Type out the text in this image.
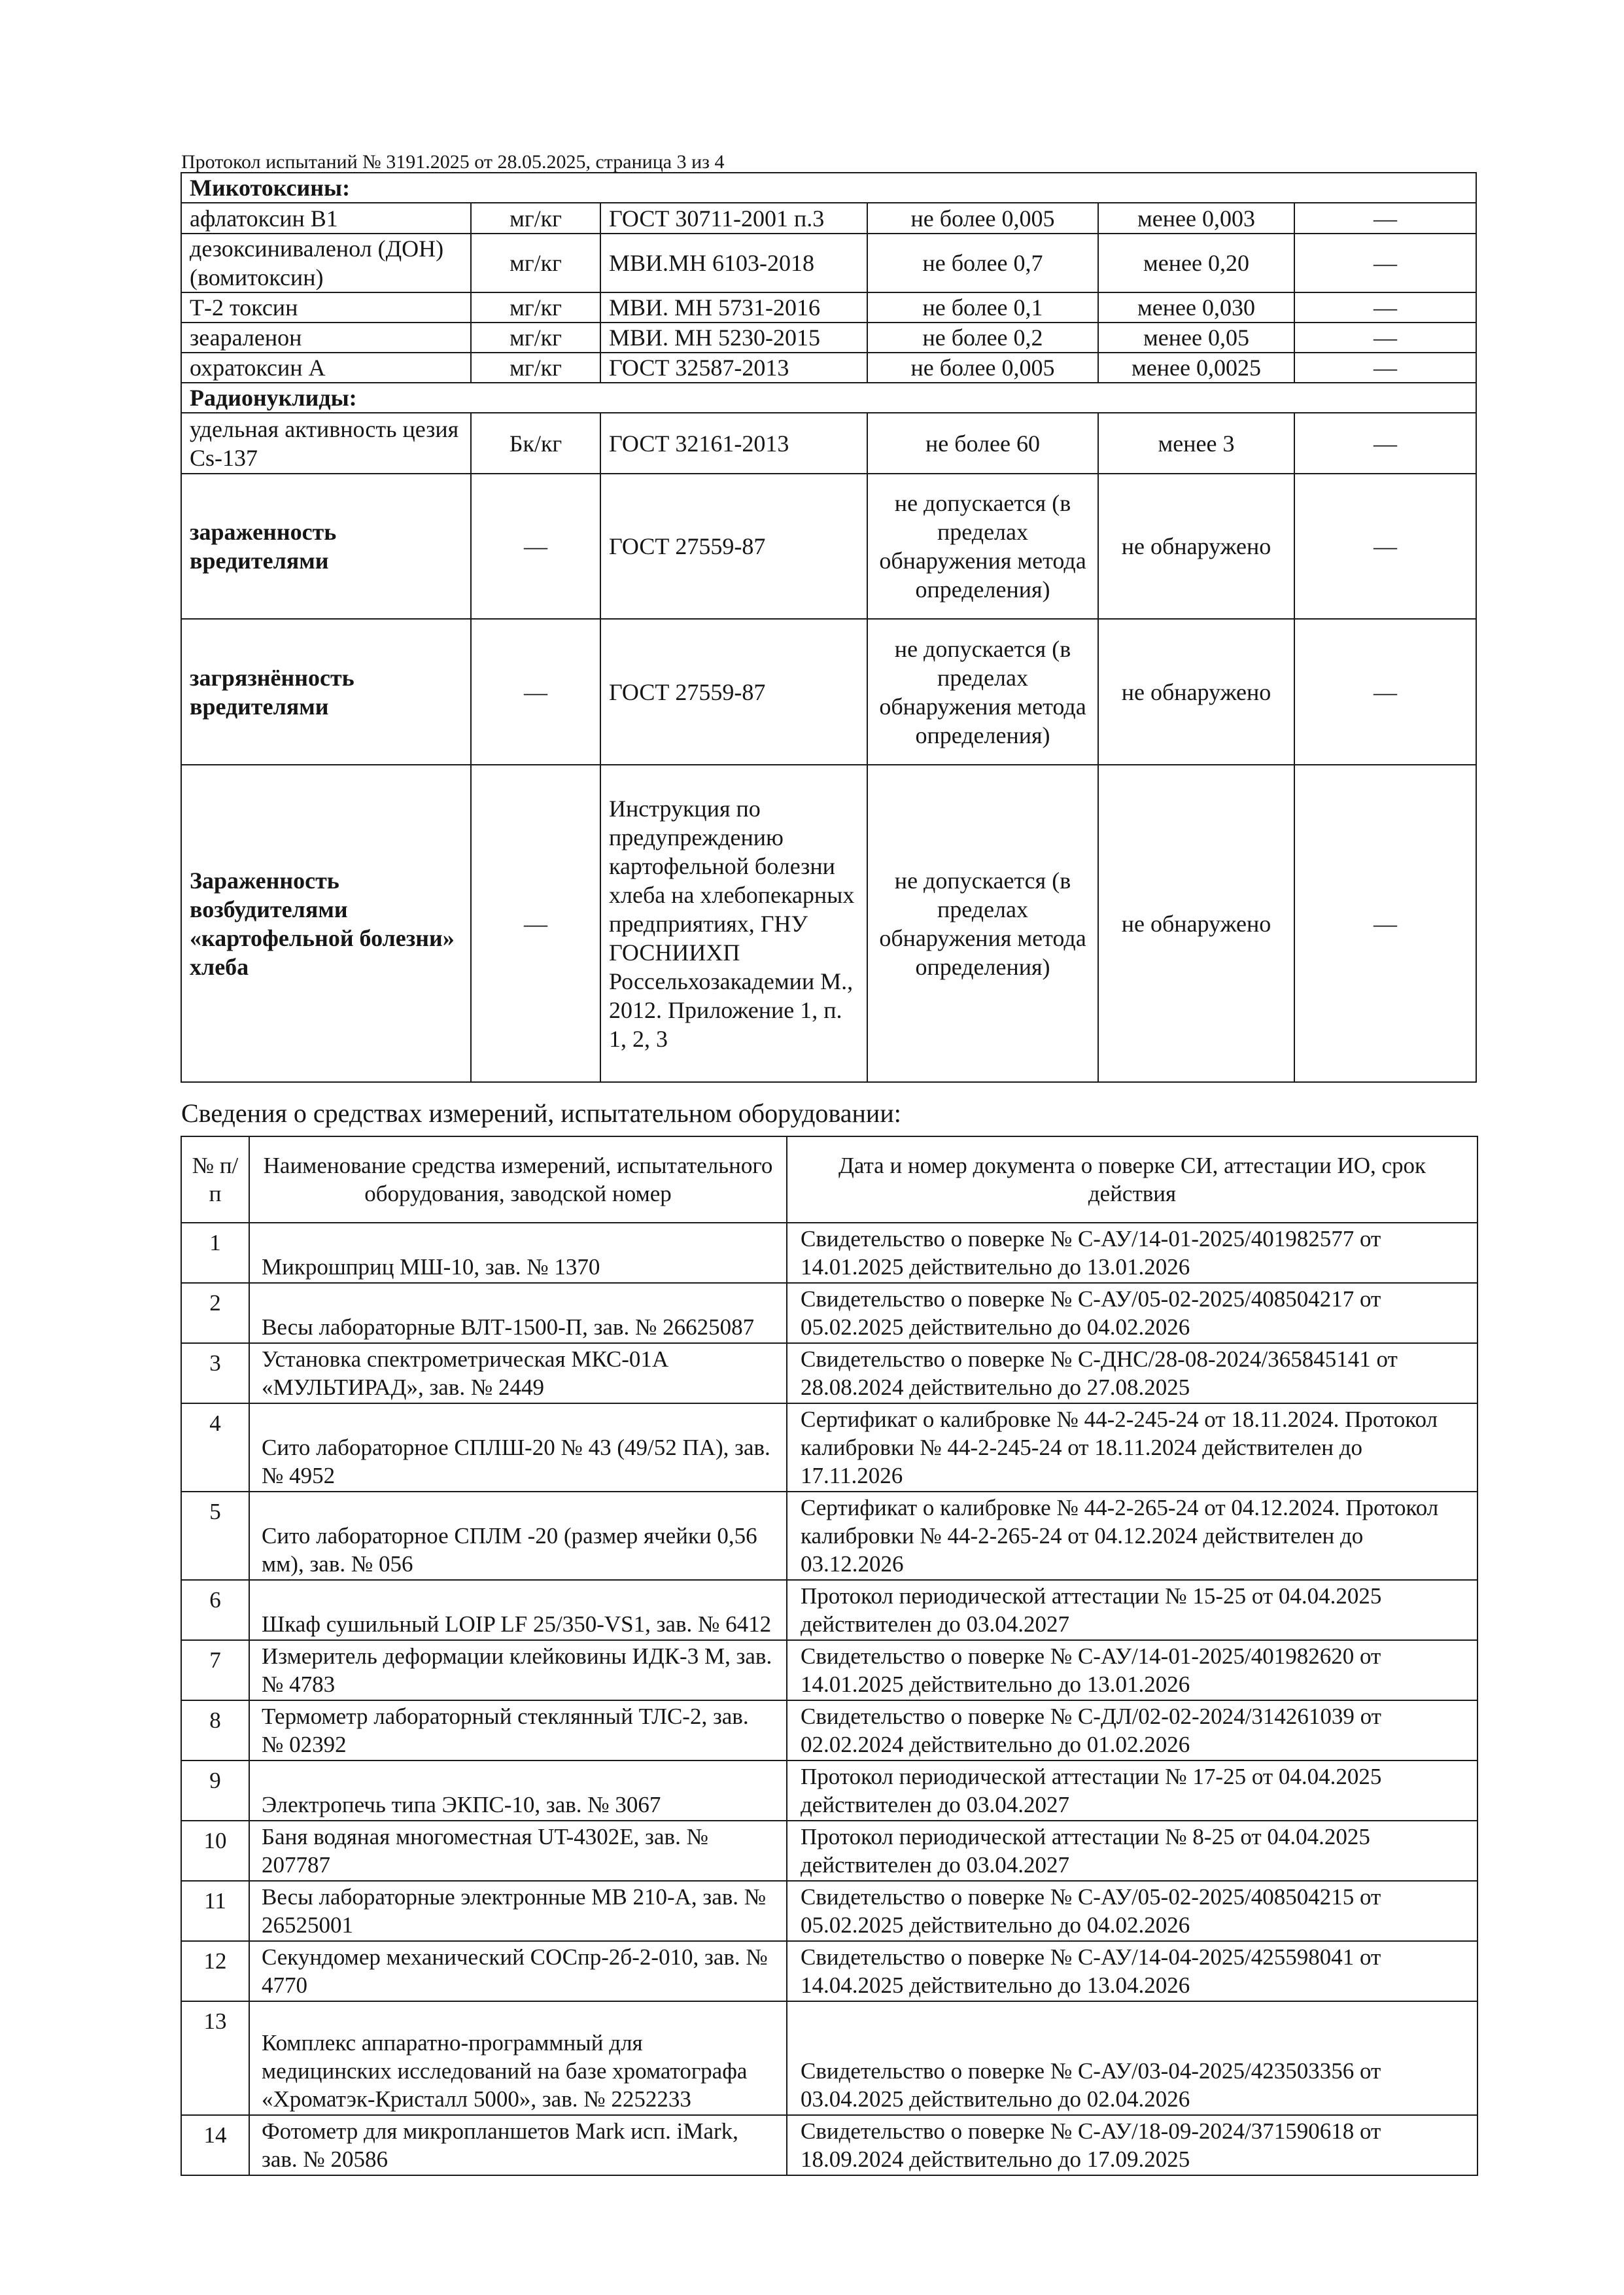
Протокол испытаний № 3191.2025 от 28.05.2025, страница 3 из 4
Микотоксины:					
афлатоксин В1	мг/кг	ГОСТ 30711-2001 п.3	не более 0,005	менее 0,003	—
дезоксиниваленол (ДОН) (вомитоксин)	мг/кг	МВИ.МН 6103-2018	не более 0,7	менее 0,20	—
Т-2 токсин	мг/кг	МВИ. МН 5731-2016	не более 0,1	менее 0,030	—
зеараленон	мг/кг	МВИ. МН 5230-2015	не более 0,2	менее 0,05	—
охратоксин А	мг/кг	ГОСТ 32587-2013	не более 0,005	менее 0,0025	—
Радионуклиды:					
удельная активность цезия Cs-137	Бк/кг	ГОСТ 32161-2013	не более 60	менее 3	—
зараженность вредителями	—	ГОСТ 27559-87	не допускается (в пределах обнаружения метода определения)	не обнаружено	—
загрязнённость вредителями	—	ГОСТ 27559-87	не допускается (в пределах обнаружения метода определения)	не обнаружено	—
Зараженность возбудителями «картофельной болезни» хлеба	—	Инструкция по предупреждению картофельной болезни хлеба на хлебопекарных предприятиях, ГНУ ГОСНИИХП Россельхозакадемии М., 2012. Приложение 1, п. 1, 2, 3	не допускается (в пределах обнаружения метода определения)	не обнаружено	—
Сведения о средствах измерений, испытательном оборудовании:
№ п/п	Наименование средства измерений, испытательного оборудования, заводской номер	Дата и номер документа о поверке СИ, аттестации ИО, срок действия
1	Микрошприц МШ-10, зав. № 1370	Свидетельство о поверке № С-АУ/14-01-2025/401982577 от 14.01.2025 действительно до 13.01.2026
2	Весы лабораторные ВЛТ-1500-П, зав. № 26625087	Свидетельство о поверке № С-АУ/05-02-2025/408504217 от 05.02.2025 действительно до 04.02.2026
3	Установка спектрометрическая МКС-01А «МУЛЬТИРАД», зав. № 2449	Свидетельство о поверке № С-ДНС/28-08-2024/365845141 от 28.08.2024 действительно до 27.08.2025
4	Сито лабораторное СПЛШ-20 № 43 (49/52 ПА), зав. № 4952	Сертификат о калибровке № 44-2-245-24 от 18.11.2024. Протокол калибровки № 44-2-245-24 от 18.11.2024 действителен до 17.11.2026
5	Сито лабораторное СПЛМ -20 (размер ячейки 0,56 мм), зав. № 056	Сертификат о калибровке № 44-2-265-24 от 04.12.2024. Протокол калибровки № 44-2-265-24 от 04.12.2024 действителен до 03.12.2026
6	Шкаф сушильный LOIP LF 25/350-VS1, зав. № 6412	Протокол периодической аттестации № 15-25 от 04.04.2025 действителен до 03.04.2027
7	Измеритель деформации клейковины ИДК-3 М, зав. № 4783	Свидетельство о поверке № С-АУ/14-01-2025/401982620 от 14.01.2025 действительно до 13.01.2026
8	Термометр лабораторный стеклянный ТЛС-2, зав. № 02392	Свидетельство о поверке № С-ДЛ/02-02-2024/314261039 от 02.02.2024 действительно до 01.02.2026
9	Электропечь типа ЭКПС-10, зав. № 3067	Протокол периодической аттестации № 17-25 от 04.04.2025 действителен до 03.04.2027
10	Баня водяная многоместная UT-4302E, зав. № 207787	Протокол периодической аттестации № 8-25 от 04.04.2025 действителен до 03.04.2027
11	Весы лабораторные электронные МВ 210-А, зав. № 26525001	Свидетельство о поверке № С-АУ/05-02-2025/408504215 от 05.02.2025 действительно до 04.02.2026
12	Секундомер механический СОСпр-2б-2-010, зав. № 4770	Свидетельство о поверке № С-АУ/14-04-2025/425598041 от 14.04.2025 действительно до 13.04.2026
13	Комплекс аппаратно-программный для медицинских исследований на базе хроматографа «Хроматэк-Кристалл 5000», зав. № 2252233	Свидетельство о поверке № С-АУ/03-04-2025/423503356 от 03.04.2025 действительно до 02.04.2026
14	Фотометр для микропланшетов Mark исп. iMark, зав. № 20586	Свидетельство о поверке № С-АУ/18-09-2024/371590618 от 18.09.2024 действительно до 17.09.2025
